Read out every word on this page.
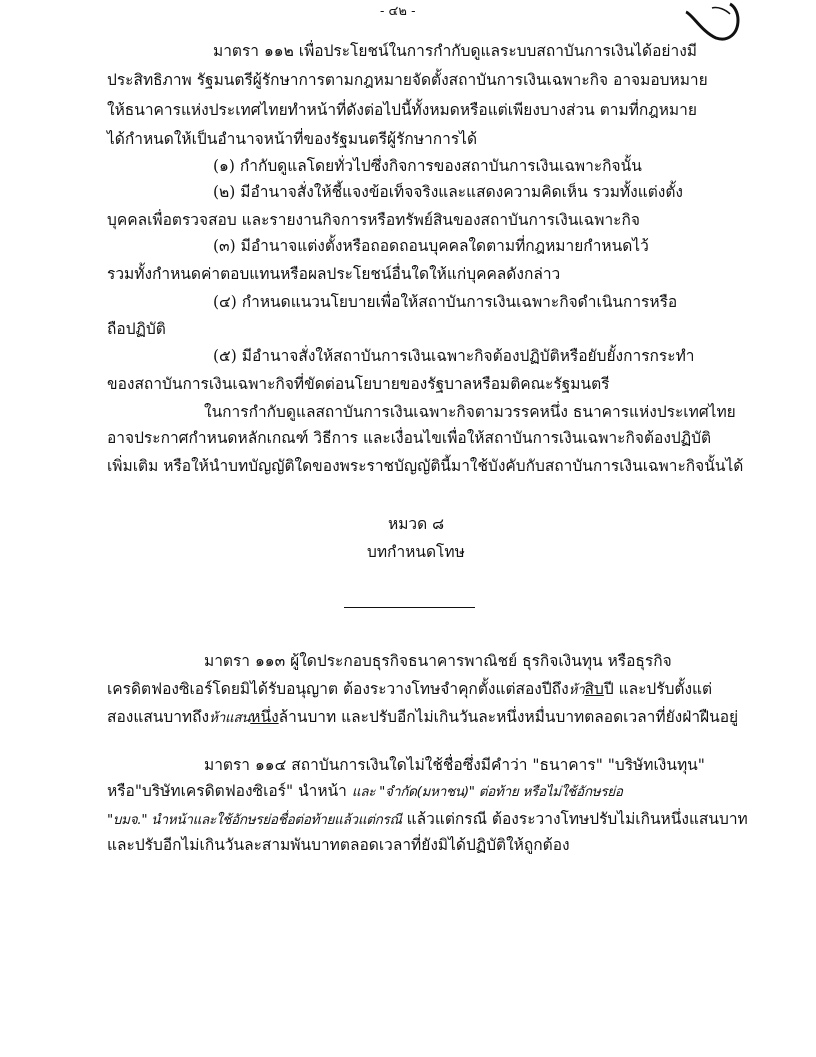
- ๔๒ -
มาตรา ๑๑๒ เพื่อประโยชน์ในการกำกับดูแลระบบสถาบันการเงินได้อย่างมี
ประสิทธิภาพ รัฐมนตรีผู้รักษาการตามกฎหมายจัดตั้งสถาบันการเงินเฉพาะกิจ อาจมอบหมาย
ให้ธนาคารแห่งประเทศไทยทำหน้าที่ดังต่อไปนี้ทั้งหมดหรือแต่เพียงบางส่วน ตามที่กฎหมาย
ได้กำหนดให้เป็นอำนาจหน้าที่ของรัฐมนตรีผู้รักษาการได้
(๑) กำกับดูแลโดยทั่วไปซึ่งกิจการของสถาบันการเงินเฉพาะกิจนั้น
(๒) มีอำนาจสั่งให้ชี้แจงข้อเท็จจริงและแสดงความคิดเห็น รวมทั้งแต่งตั้ง
บุคคลเพื่อตรวจสอบ และรายงานกิจการหรือทรัพย์สินของสถาบันการเงินเฉพาะกิจ
(๓) มีอำนาจแต่งตั้งหรือถอดถอนบุคคลใดตามที่กฎหมายกำหนดไว้
รวมทั้งกำหนดค่าตอบแทนหรือผลประโยชน์อื่นใดให้แก่บุคคลดังกล่าว
(๔) กำหนดแนวนโยบายเพื่อให้สถาบันการเงินเฉพาะกิจดำเนินการหรือ
ถือปฏิบัติ
(๕) มีอำนาจสั่งให้สถาบันการเงินเฉพาะกิจต้องปฏิบัติหรือยับยั้งการกระทำ
ของสถาบันการเงินเฉพาะกิจที่ขัดต่อนโยบายของรัฐบาลหรือมติคณะรัฐมนตรี
ในการกำกับดูแลสถาบันการเงินเฉพาะกิจตามวรรคหนึ่ง ธนาคารแห่งประเทศไทย
อาจประกาศกำหนดหลักเกณฑ์ วิธีการ และเงื่อนไขเพื่อให้สถาบันการเงินเฉพาะกิจต้องปฏิบัติ
เพิ่มเติม หรือให้นำบทบัญญัติใดของพระราชบัญญัตินี้มาใช้บังคับกับสถาบันการเงินเฉพาะกิจนั้นได้
หมวด ๘
บทกำหนดโทษ
มาตรา ๑๑๓ ผู้ใดประกอบธุรกิจธนาคารพาณิชย์ ธุรกิจเงินทุน หรือธุรกิจ
เครดิตฟองซิเอร์โดยมิได้รับอนุญาต ต้องระวางโทษจำคุกตั้งแต่สองปีถึงห้าสิบปี และปรับตั้งแต่
สองแสนบาทถึงห้าแสนหนึ่งล้านบาท และปรับอีกไม่เกินวันละหนึ่งหมื่นบาทตลอดเวลาที่ยังฝ่าฝืนอยู่
มาตรา ๑๑๔ สถาบันการเงินใดไม่ใช้ชื่อซึ่งมีคำว่า "ธนาคาร" "บริษัทเงินทุน"
หรือ"บริษัทเครดิตฟองซิเอร์" นำหน้า และ "จำกัด(มหาชน)" ต่อท้าย หรือไม่ใช้อักษรย่อ
"บมจ." นำหน้าและใช้อักษรย่อชื่อต่อท้ายแล้วแต่กรณี แล้วแต่กรณี ต้องระวางโทษปรับไม่เกินหนึ่งแสนบาท
และปรับอีกไม่เกินวันละสามพันบาทตลอดเวลาที่ยังมิได้ปฏิบัติให้ถูกต้อง
